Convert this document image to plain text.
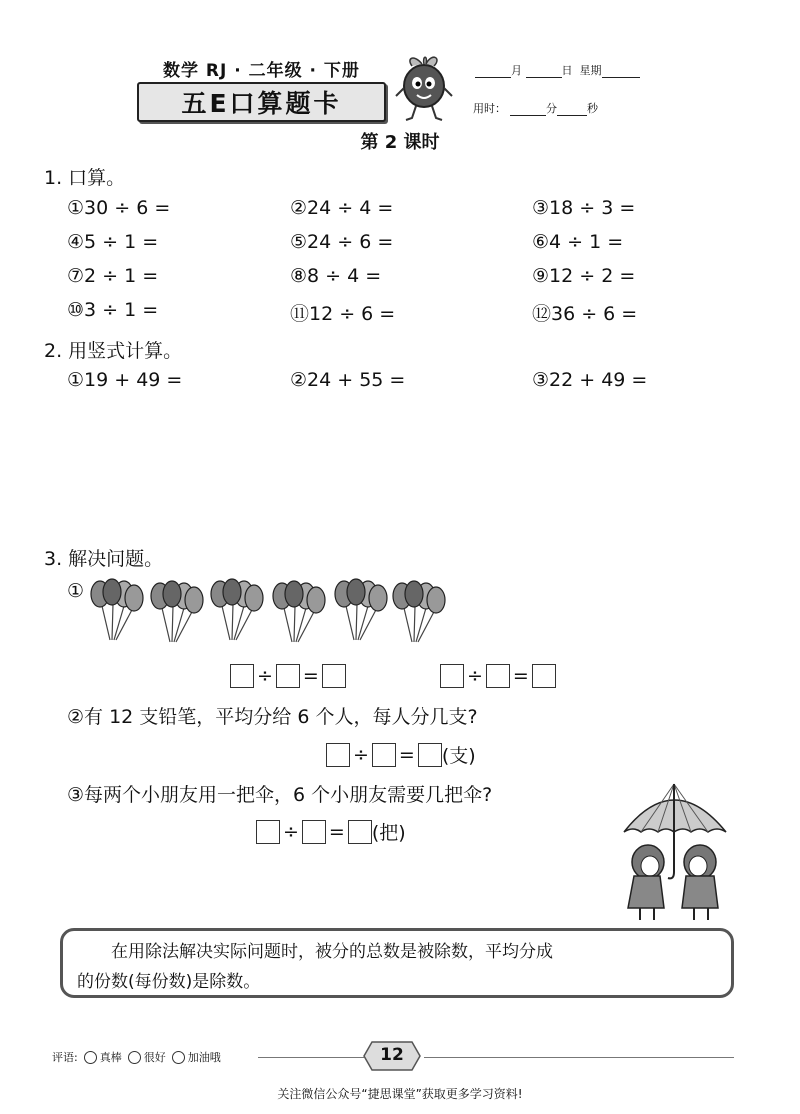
数学 RJ · 二年级 · 下册
五E口算题卡
月	日 星期
用时：	分	秒
第 2 课时
1. 口算。
①30 ÷ 6 =	②24 ÷ 4 =	③18 ÷ 3 =
④5 ÷ 1 =	⑤24 ÷ 6 =	⑥4 ÷ 1 =
⑦2 ÷ 1 =	⑧8 ÷ 4 =	⑨12 ÷ 2 =
⑩3 ÷ 1 =	⑪12 ÷ 6 =	⑫36 ÷ 6 =
2. 用竖式计算。
①19 + 49 =	②24 + 55 =	③22 + 49 =
3. 解决问题。
①
÷ =	÷ =
②有 12 支铅笔，平均分给 6 个人，每人分几支?
÷ = (支)
③每两个小朋友用一把伞，6 个小朋友需要几把伞?
÷ = (把)
在用除法解决实际问题时，被分的总数是被除数，平均分成
的份数(每份数)是除数。
评语: 真棒 很好 加油哦	12
关注微信公众号“捷思课堂”获取更多学习资料!
